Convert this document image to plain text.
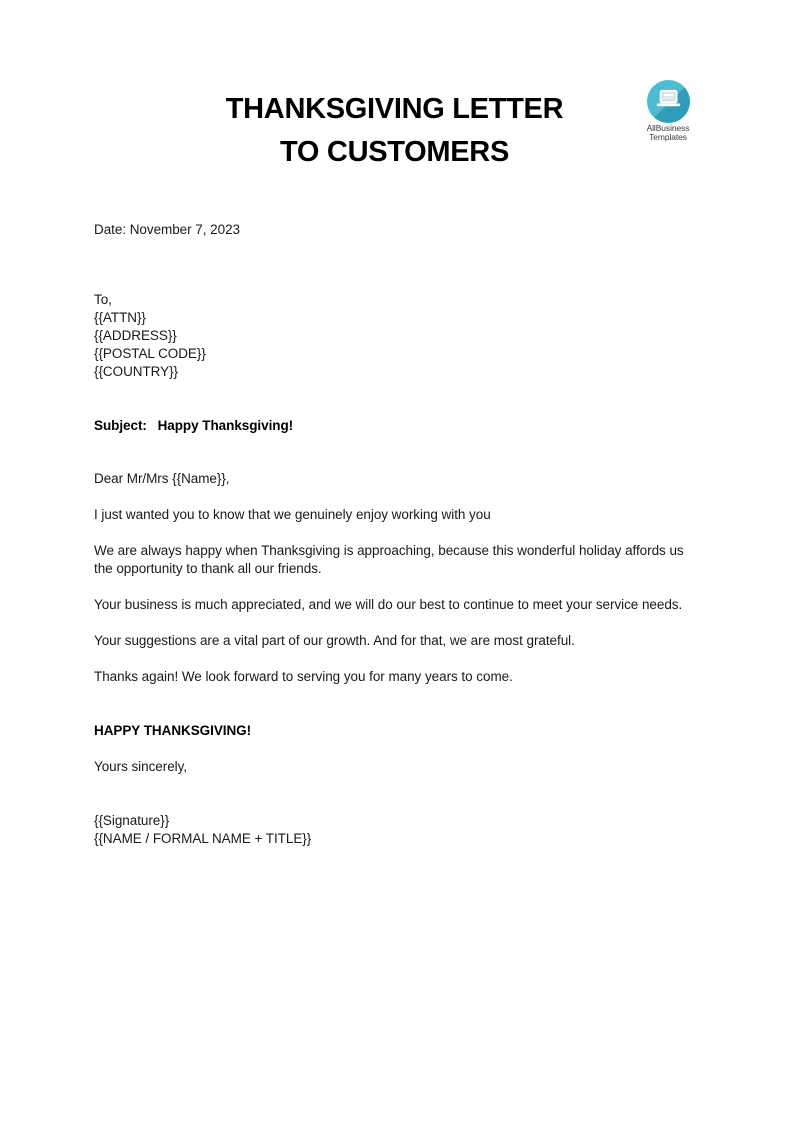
THANKSGIVING LETTER
TO CUSTOMERS
AllBusiness
Templates

Date: November 7, 2023

To,

{{ATTN}}

{{ADDRESS}}

{{POSTAL CODE}}

{{COUNTRY}}

Subject: Happy Thanksgiving!

Dear Mr/Mrs {{Name}},

I just wanted you to know that we genuinely enjoy working with you

We are always happy when Thanksgiving is approaching, because this wonderful holiday affords us the opportunity to thank all our friends.

Your business is much appreciated, and we will do our best to continue to meet your service needs.

Your suggestions are a vital part of our growth. And for that, we are most grateful.

Thanks again! We look forward to serving you for many years to come.

HAPPY THANKSGIVING!

Yours sincerely,

{{Signature}}

{{NAME / FORMAL NAME + TITLE}}
